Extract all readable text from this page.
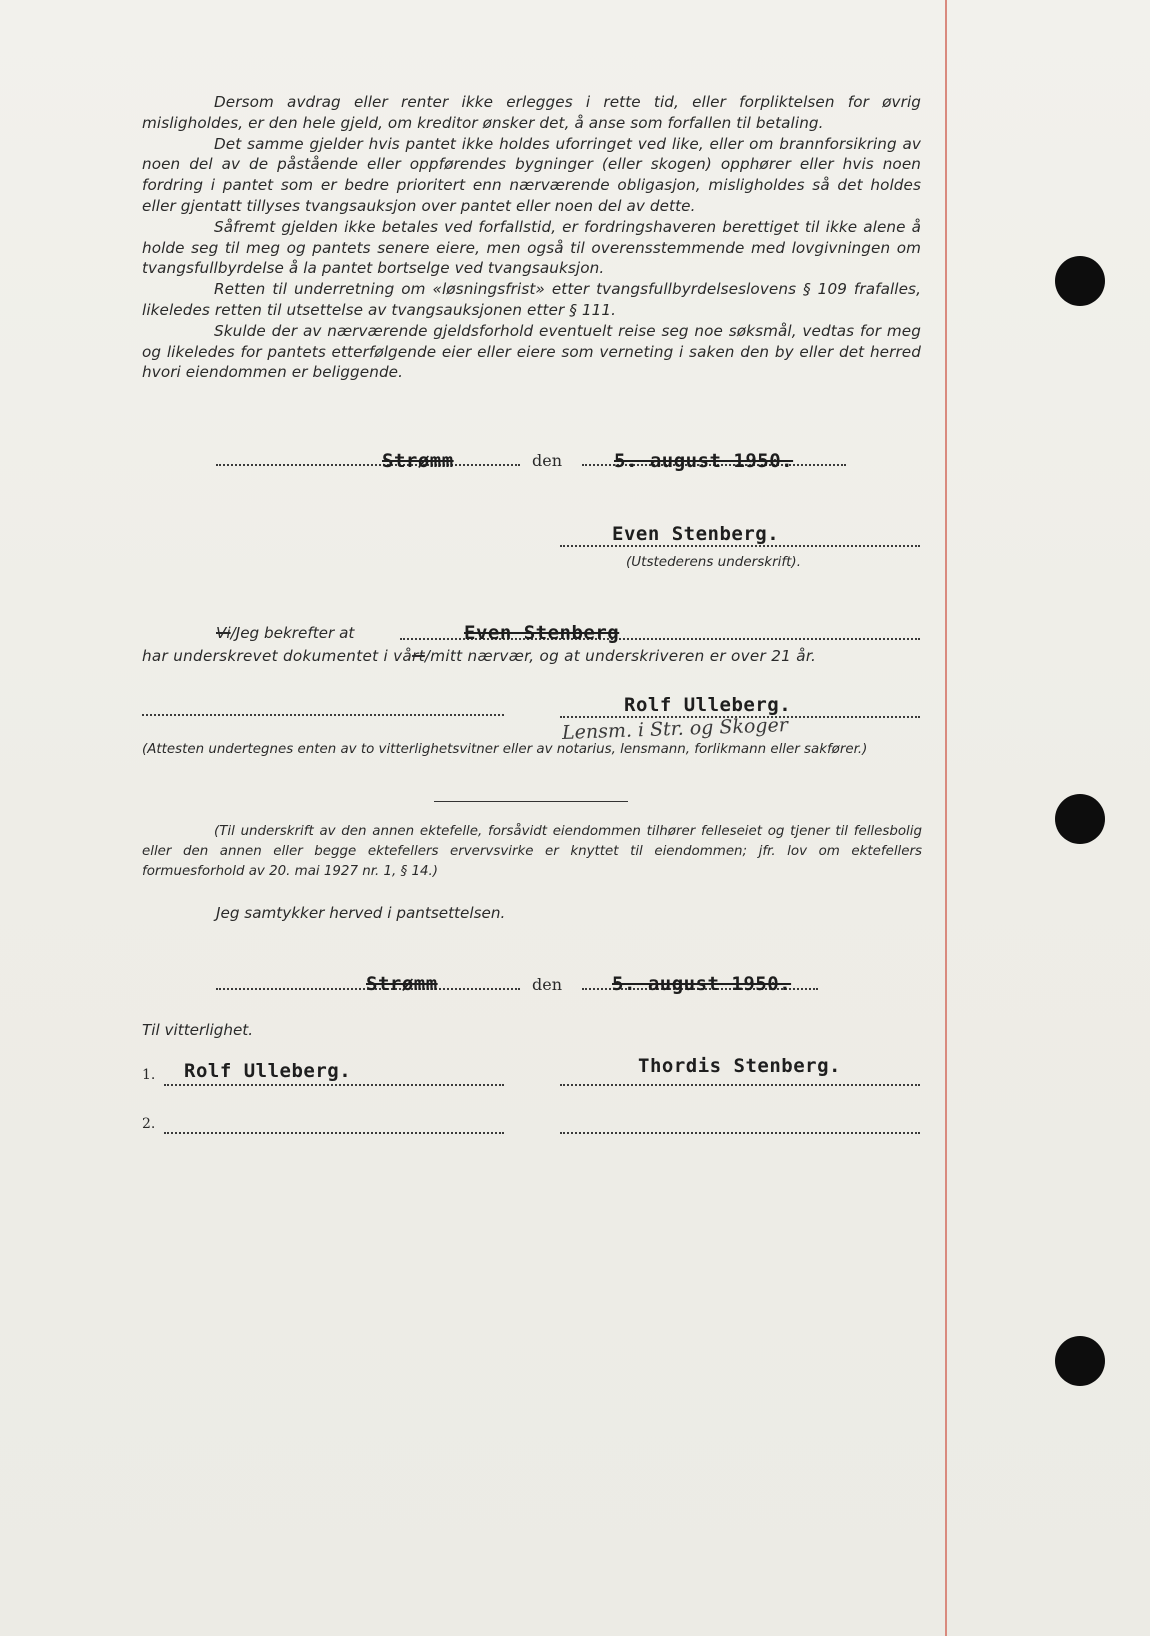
Dersom avdrag eller renter ikke erlegges i rette tid, eller forpliktelsen for øvrig misligholdes, er den hele gjeld, om kreditor ønsker det, å anse som forfallen til betaling.

Det samme gjelder hvis pantet ikke holdes uforringet ved like, eller om brannforsikring av noen del av de påstående eller oppførendes bygninger (eller skogen) opphører eller hvis noen fordring i pantet som er bedre prioritert enn nærværende obligasjon, misligholdes så det holdes eller gjentatt tillyses tvangsauksjon over pantet eller noen del av dette.

Såfremt gjelden ikke betales ved forfallstid, er fordringshaveren berettiget til ikke alene å holde seg til meg og pantets senere eiere, men også til overensstemmende med lovgivningen om tvangsfullbyrdelse å la pantet bortselge ved tvangsauksjon.

Retten til underretning om «løsningsfrist» etter tvangsfullbyrdelseslovens § 109 frafalles, likeledes retten til utsettelse av tvangsauksjonen etter § 111.

Skulde der av nærværende gjeldsforhold eventuelt reise seg noe søksmål, vedtas for meg og likeledes for pantets etterfølgende eier eller eiere som verneting i saken den by eller det herred hvori eiendommen er beliggende.

Strømm	den	5. august 1950.
Even Stenberg.
(Utstederens underskrift).
Vi/Jeg bekrefter at	Even Stenberg
har underskrevet dokumentet i vårt/mitt nærvær, og at underskriveren er over 21 år.
Rolf Ulleberg.
Lensm. i Str. og Skoger

(Attesten undertegnes enten av to vitterlighetsvitner eller av notarius, lensmann, forlikmann eller sakfører.)

(Til underskrift av den annen ektefelle, forsåvidt eiendommen tilhører felleseiet og tjener til fellesbolig eller den annen eller begge ektefellers ervervsvirke er knyttet til eiendommen; jfr. lov om ektefellers formuesforhold av 20. mai 1927 nr. 1, § 14.)

Jeg samtykker herved i pantsettelsen.
Strømm	den	5. august 1950.
Til vitterlighet.
1. Rolf Ulleberg.	Thordis Stenberg.
2.
